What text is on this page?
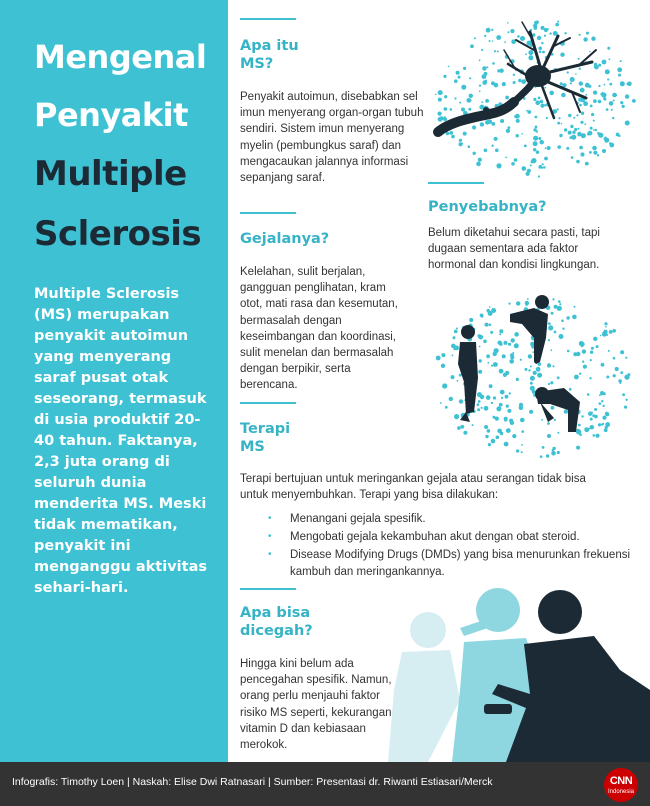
Mengenal
Penyakit
Multiple
Sclerosis

Multiple Sclerosis (MS) merupakan penyakit autoimun yang menyerang saraf pusat otak seseorang, termasuk di usia produktif 20-40 tahun. Faktanya, 2,3 juta orang di seluruh dunia menderita MS. Meski tidak mematikan, penyakit ini menganggu aktivitas sehari-hari.

Apa itu
MS?

Penyakit autoimun, disebabkan sel imun menyerang organ-organ tubuh sendiri. Sistem imun menyerang myelin (pembungkus saraf) dan mengacaukan jalannya informasi sepanjang saraf.

Penyebabnya?

Belum diketahui secara pasti, tapi dugaan sementara ada faktor hormonal dan kondisi lingkungan.

Gejalanya?

Kelelahan, sulit berjalan, gangguan penglihatan, kram otot, mati rasa dan kesemutan, bermasalah dengan keseimbangan dan koordinasi, sulit menelan dan bermasalah dengan berpikir, serta berencana.

Terapi
MS

Terapi bertujuan untuk meringankan gejala atau serangan tidak bisa untuk menyembuhkan. Terapi yang bisa dilakukan:

• Menangani gejala spesifik.
• Mengobati gejala kekambuhan akut dengan obat steroid.
• Disease Modifying Drugs (DMDs) yang bisa menurunkan frekuensi kambuh dan meringankannya.
Apa bisa
dicegah?

Hingga kini belum ada pencegahan spesifik. Namun, orang perlu menjauhi faktor risiko MS seperti, kekurangan vitamin D dan kebiasaan merokok.

Infografis: Timothy Loen | Naskah: Elise Dwi Ratnasari | Sumber: Presentasi dr. Riwanti Estiasari/Merck	CNN
Indonesia
